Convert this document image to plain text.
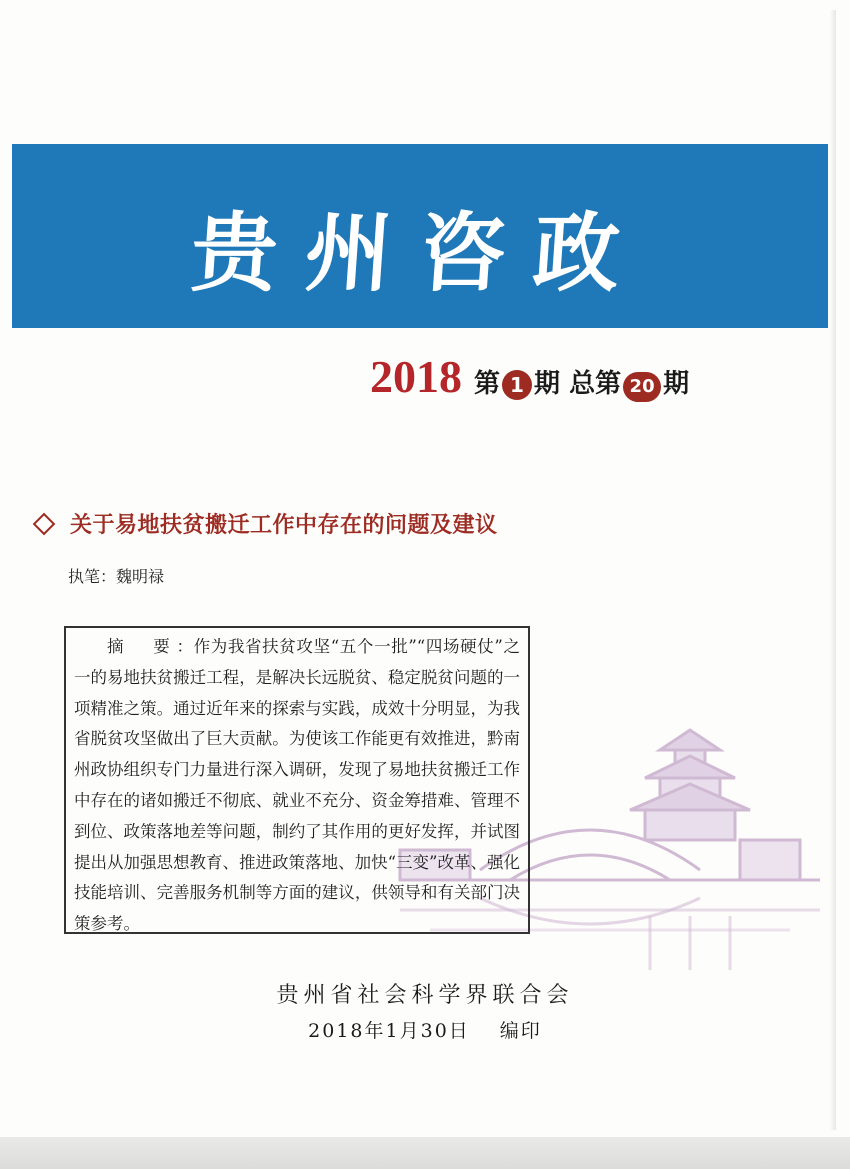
贵州咨政
2018 第 1 期 总第 20 期
关于易地扶贫搬迁工作中存在的问题及建议
执笔：魏明禄

摘　要：作为我省扶贫攻坚“五个一批”“四场硬仗”之一的易地扶贫搬迁工程，是解决长远脱贫、稳定脱贫问题的一项精准之策。通过近年来的探索与实践，成效十分明显，为我省脱贫攻坚做出了巨大贡献。为使该工作能更有效推进，黔南州政协组织专门力量进行深入调研，发现了易地扶贫搬迁工作中存在的诸如搬迁不彻底、就业不充分、资金筹措难、管理不到位、政策落地差等问题，制约了其作用的更好发挥，并试图提出从加强思想教育、推进政策落地、加快“三变”改革、强化技能培训、完善服务机制等方面的建议，供领导和有关部门决策参考。

贵州省社会科学界联合会
2018年1月30日 编印
